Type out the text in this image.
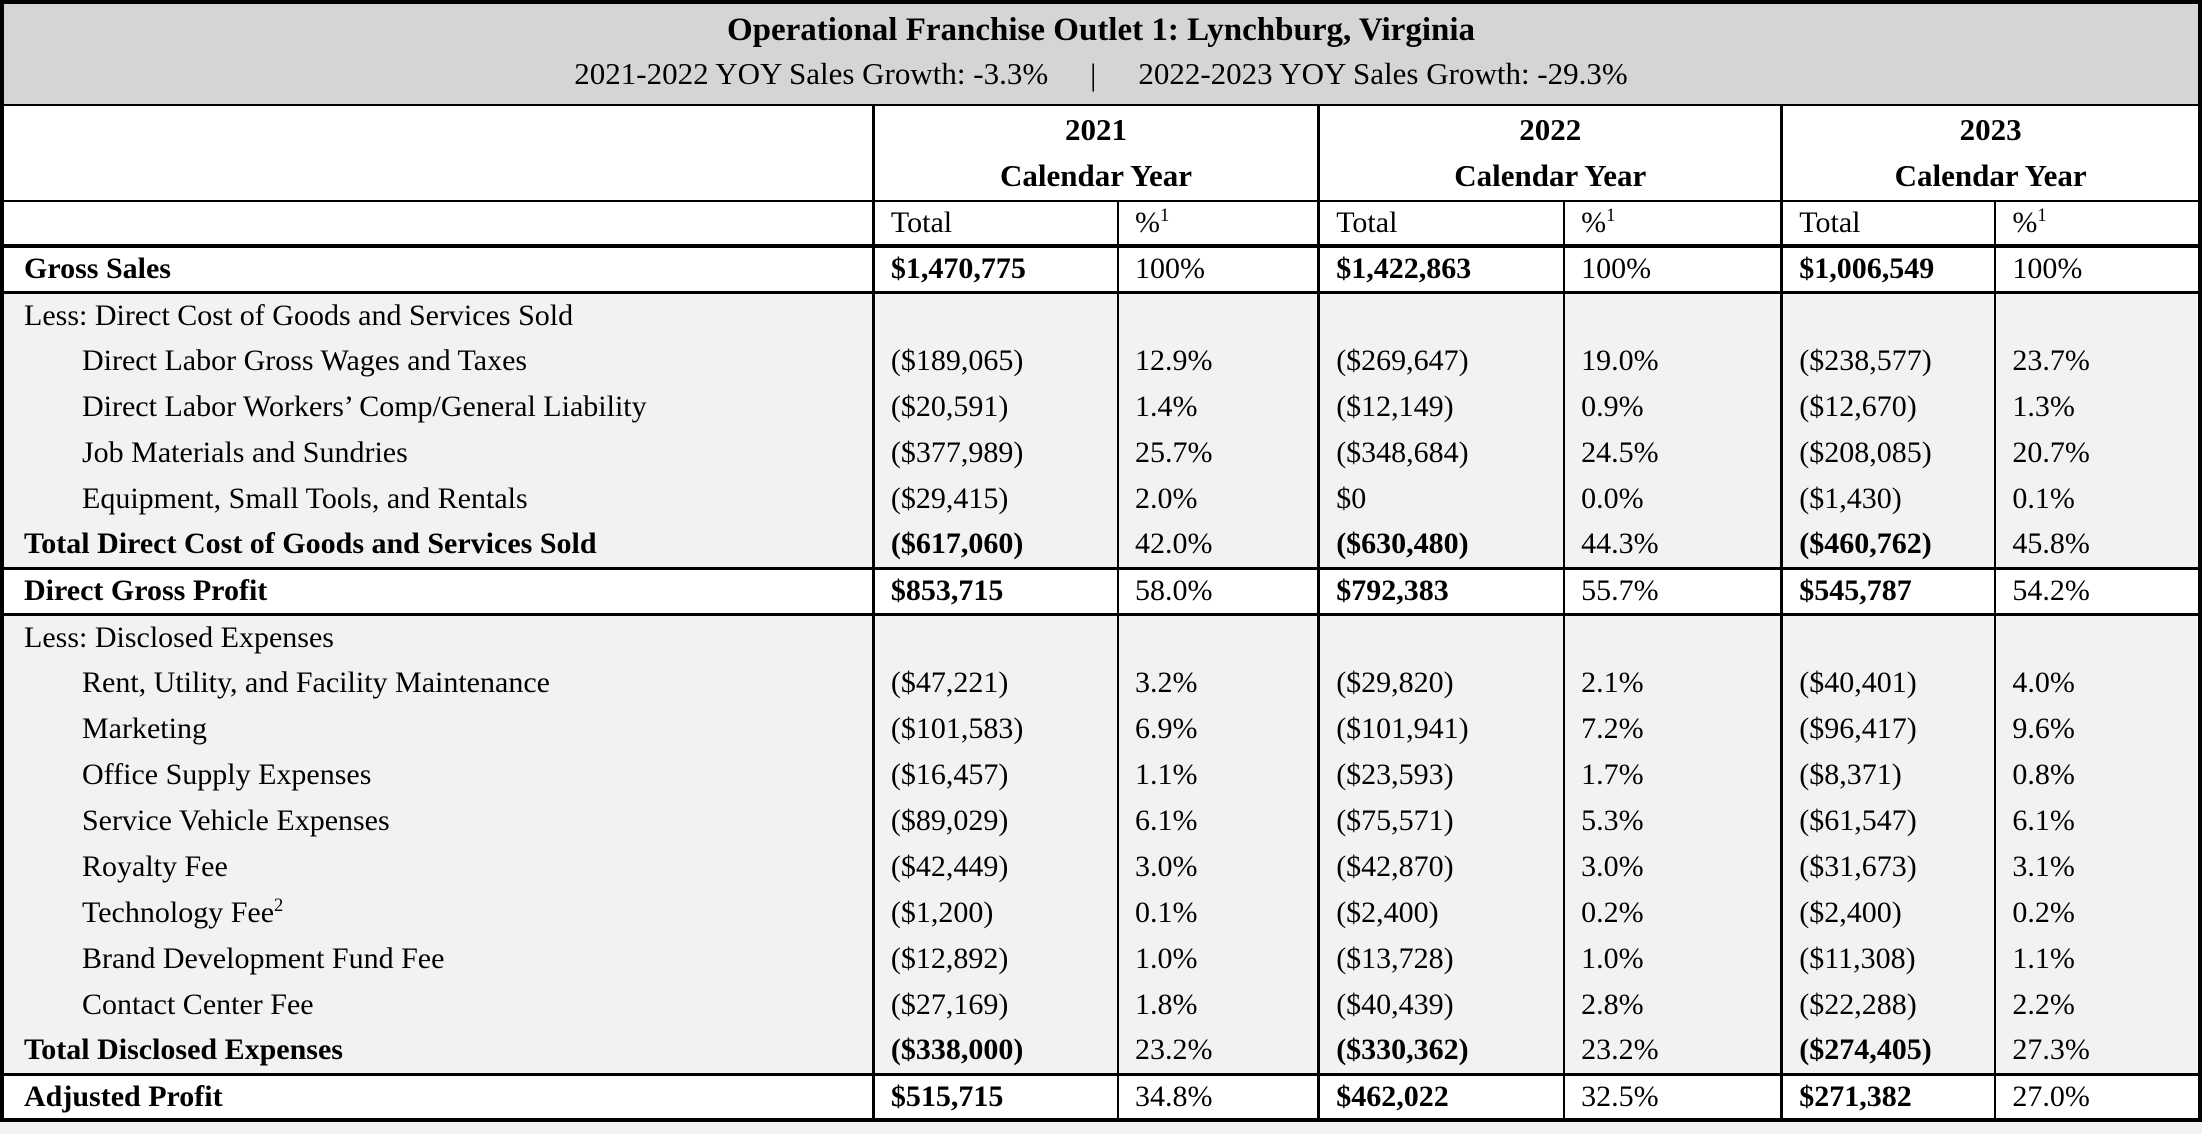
Operational Franchise Outlet 1: Lynchburg, Virginia
2021-2022 YOY Sales Growth: -3.3% | 2022-2023 YOY Sales Growth: -29.3%						

2021
Calendar Year

2022
Calendar Year

2023
Calendar Year

	Total	%$^1$	Total	%$^1$	Total	%$^1$
Gross Sales	$1,470,775	100%	$1,422,863	100%	$1,006,549	100%
Less: Direct Cost of Goods and Services Sold						
Direct Labor Gross Wages and Taxes	($189,065)	12.9%	($269,647)	19.0%	($238,577)	23.7%
Direct Labor Workers’ Comp/General Liability	($20,591)	1.4%	($12,149)	0.9%	($12,670)	1.3%
Job Materials and Sundries	($377,989)	25.7%	($348,684)	24.5%	($208,085)	20.7%
Equipment, Small Tools, and Rentals	($29,415)	2.0%	$0	0.0%	($1,430)	0.1%
Total Direct Cost of Goods and Services Sold	($617,060)	42.0%	($630,480)	44.3%	($460,762)	45.8%
Direct Gross Profit	$853,715	58.0%	$792,383	55.7%	$545,787	54.2%
Less: Disclosed Expenses						
Rent, Utility, and Facility Maintenance	($47,221)	3.2%	($29,820)	2.1%	($40,401)	4.0%
Marketing	($101,583)	6.9%	($101,941)	7.2%	($96,417)	9.6%
Office Supply Expenses	($16,457)	1.1%	($23,593)	1.7%	($8,371)	0.8%
Service Vehicle Expenses	($89,029)	6.1%	($75,571)	5.3%	($61,547)	6.1%
Royalty Fee	($42,449)	3.0%	($42,870)	3.0%	($31,673)	3.1%
Technology Fee$^2$	($1,200)	0.1%	($2,400)	0.2%	($2,400)	0.2%
Brand Development Fund Fee	($12,892)	1.0%	($13,728)	1.0%	($11,308)	1.1%
Contact Center Fee	($27,169)	1.8%	($40,439)	2.8%	($22,288)	2.2%
Total Disclosed Expenses	($338,000)	23.2%	($330,362)	23.2%	($274,405)	27.3%
Adjusted Profit	$515,715	34.8%	$462,022	32.5%	$271,382	27.0%
